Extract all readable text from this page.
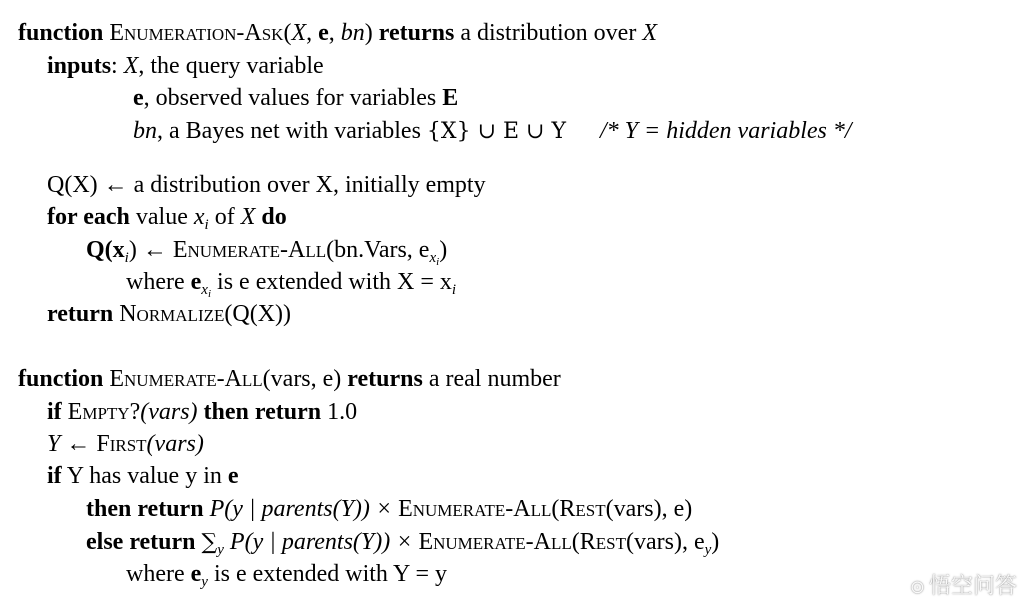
function Enumeration-Ask(X, e, bn) returns a distribution over X
inputs: X, the query variable
e, observed values for variables E
bn, a Bayes net with variables {X} ∪ E ∪ Y /* Y = hidden variables */
Q(X) ← a distribution over X, initially empty
for each value $x_i$ of X do
$Q(x_i)$ ← Enumerate-All(bn.Vars, $e_{x_i}$)
where $e_{x_i}$ is e extended with $X = x_i$
return Normalize(Q(X))
function Enumerate-All(vars, e) returns a real number
if Empty?(vars) then return 1.0
Y ← First(vars)
if Y has value y in e
then return P(y | parents(Y)) × Enumerate-All(Rest(vars), e)
else return $\sum_y$ P(y | parents(Y)) × Enumerate-All(Rest(vars), $e_y$)
where $e_y$ is e extended with Y = y
⊙ 悟空问答
